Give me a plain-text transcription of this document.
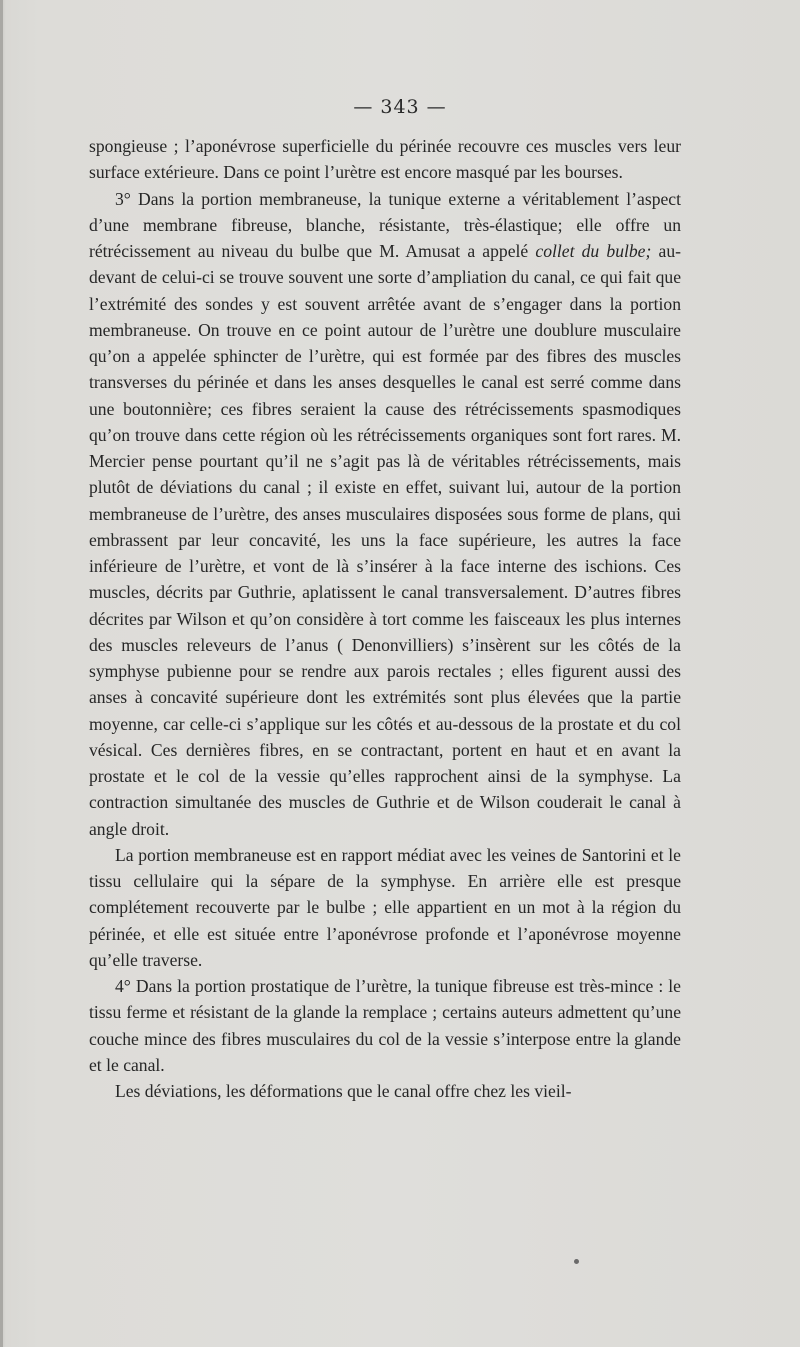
— 343 —

spongieuse ; l’aponévrose superficielle du périnée recouvre ces muscles vers leur surface extérieure. Dans ce point l’urètre est encore masqué par les bourses.

3° Dans la portion membraneuse, la tunique externe a véritablement l’aspect d’une membrane fibreuse, blanche, résistante, très-élastique; elle offre un rétrécissement au niveau du bulbe que M. Amusat a appelé collet du bulbe; au-devant de celui-ci se trouve souvent une sorte d’ampliation du canal, ce qui fait que l’extrémité des sondes y est souvent arrêtée avant de s’engager dans la portion membraneuse. On trouve en ce point autour de l’urètre une doublure musculaire qu’on a appelée sphincter de l’urètre, qui est formée par des fibres des muscles transverses du périnée et dans les anses desquelles le canal est serré comme dans une boutonnière; ces fibres seraient la cause des rétrécissements spasmodiques qu’on trouve dans cette région où les rétrécissements organiques sont fort rares. M. Mercier pense pourtant qu’il ne s’agit pas là de véritables rétrécissements, mais plutôt de déviations du canal ; il existe en effet, suivant lui, autour de la portion membraneuse de l’urètre, des anses musculaires disposées sous forme de plans, qui embrassent par leur concavité, les uns la face supérieure, les autres la face inférieure de l’urètre, et vont de là s’insérer à la face interne des ischions. Ces muscles, décrits par Guthrie, aplatissent le canal transversalement. D’autres fibres décrites par Wilson et qu’on considère à tort comme les faisceaux les plus internes des muscles releveurs de l’anus ( Denonvilliers) s’insèrent sur les côtés de la symphyse pubienne pour se rendre aux parois rectales ; elles figurent aussi des anses à concavité supérieure dont les extrémités sont plus élevées que la partie moyenne, car celle-ci s’applique sur les côtés et au-dessous de la prostate et du col vésical. Ces dernières fibres, en se contractant, portent en haut et en avant la prostate et le col de la vessie qu’elles rapprochent ainsi de la symphyse. La contraction simultanée des muscles de Guthrie et de Wilson couderait le canal à angle droit.

La portion membraneuse est en rapport médiat avec les veines de Santorini et le tissu cellulaire qui la sépare de la symphyse. En arrière elle est presque complétement recouverte par le bulbe ; elle appartient en un mot à la région du périnée, et elle est située entre l’aponévrose profonde et l’aponévrose moyenne qu’elle traverse.

4° Dans la portion prostatique de l’urètre, la tunique fibreuse est très-mince : le tissu ferme et résistant de la glande la remplace ; certains auteurs admettent qu’une couche mince des fibres musculaires du col de la vessie s’interpose entre la glande et le canal.

Les déviations, les déformations que le canal offre chez les vieil-
